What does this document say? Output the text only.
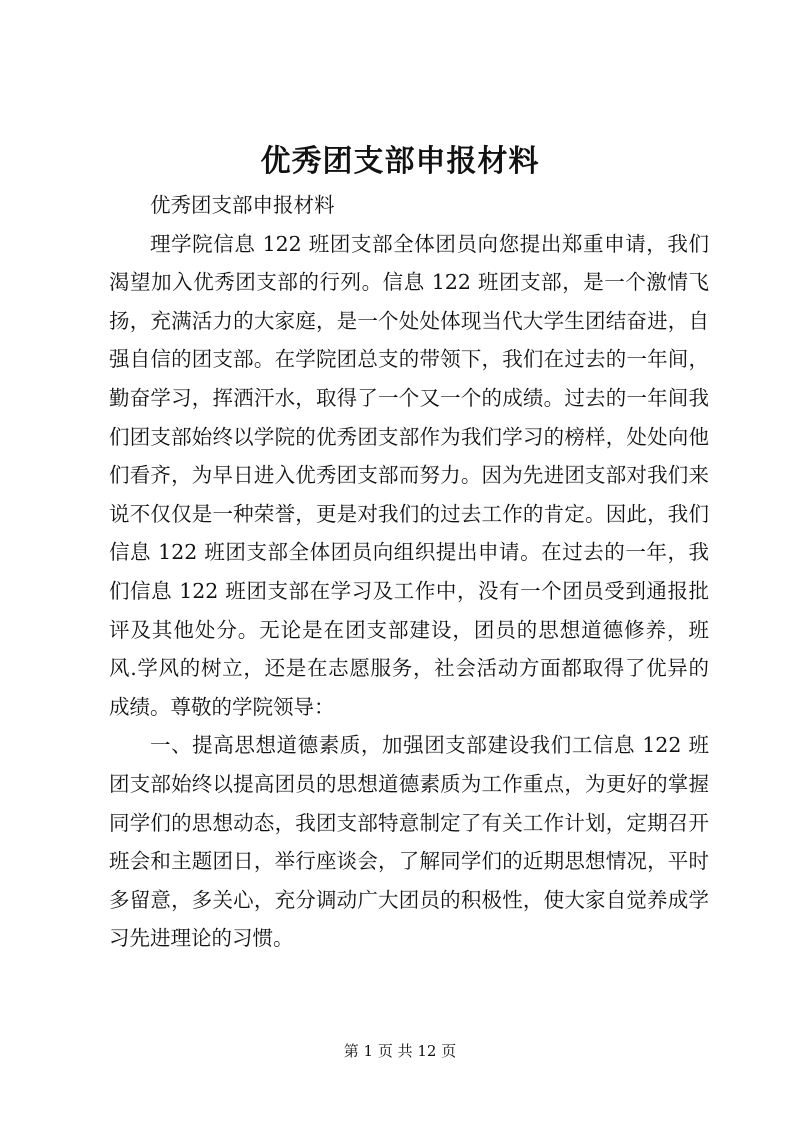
优秀团支部申报材料

优秀团支部申报材料

理学院信息 122 班团支部全体团员向您提出郑重申请，我们渴望加入优秀团支部的行列。信息 122 班团支部，是一个激情飞扬，充满活力的大家庭，是一个处处体现当代大学生团结奋进，自强自信的团支部。在学院团总支的带领下，我们在过去的一年间，勤奋学习，挥洒汗水，取得了一个又一个的成绩。过去的一年间我们团支部始终以学院的优秀团支部作为我们学习的榜样，处处向他们看齐，为早日进入优秀团支部而努力。因为先进团支部对我们来说不仅仅是一种荣誉，更是对我们的过去工作的肯定。因此，我们信息 122 班团支部全体团员向组织提出申请。在过去的一年，我们信息 122 班团支部在学习及工作中，没有一个团员受到通报批评及其他处分。无论是在团支部建设，团员的思想道德修养，班风.学风的树立，还是在志愿服务，社会活动方面都取得了优异的成绩。尊敬的学院领导：

一、提高思想道德素质，加强团支部建设我们工信息 122 班团支部始终以提高团员的思想道德素质为工作重点，为更好的掌握同学们的思想动态，我团支部特意制定了有关工作计划，定期召开班会和主题团日，举行座谈会，了解同学们的近期思想情况，平时多留意，多关心，充分调动广大团员的积极性，使大家自觉养成学习先进理论的习惯。

第 1 页 共 12 页
